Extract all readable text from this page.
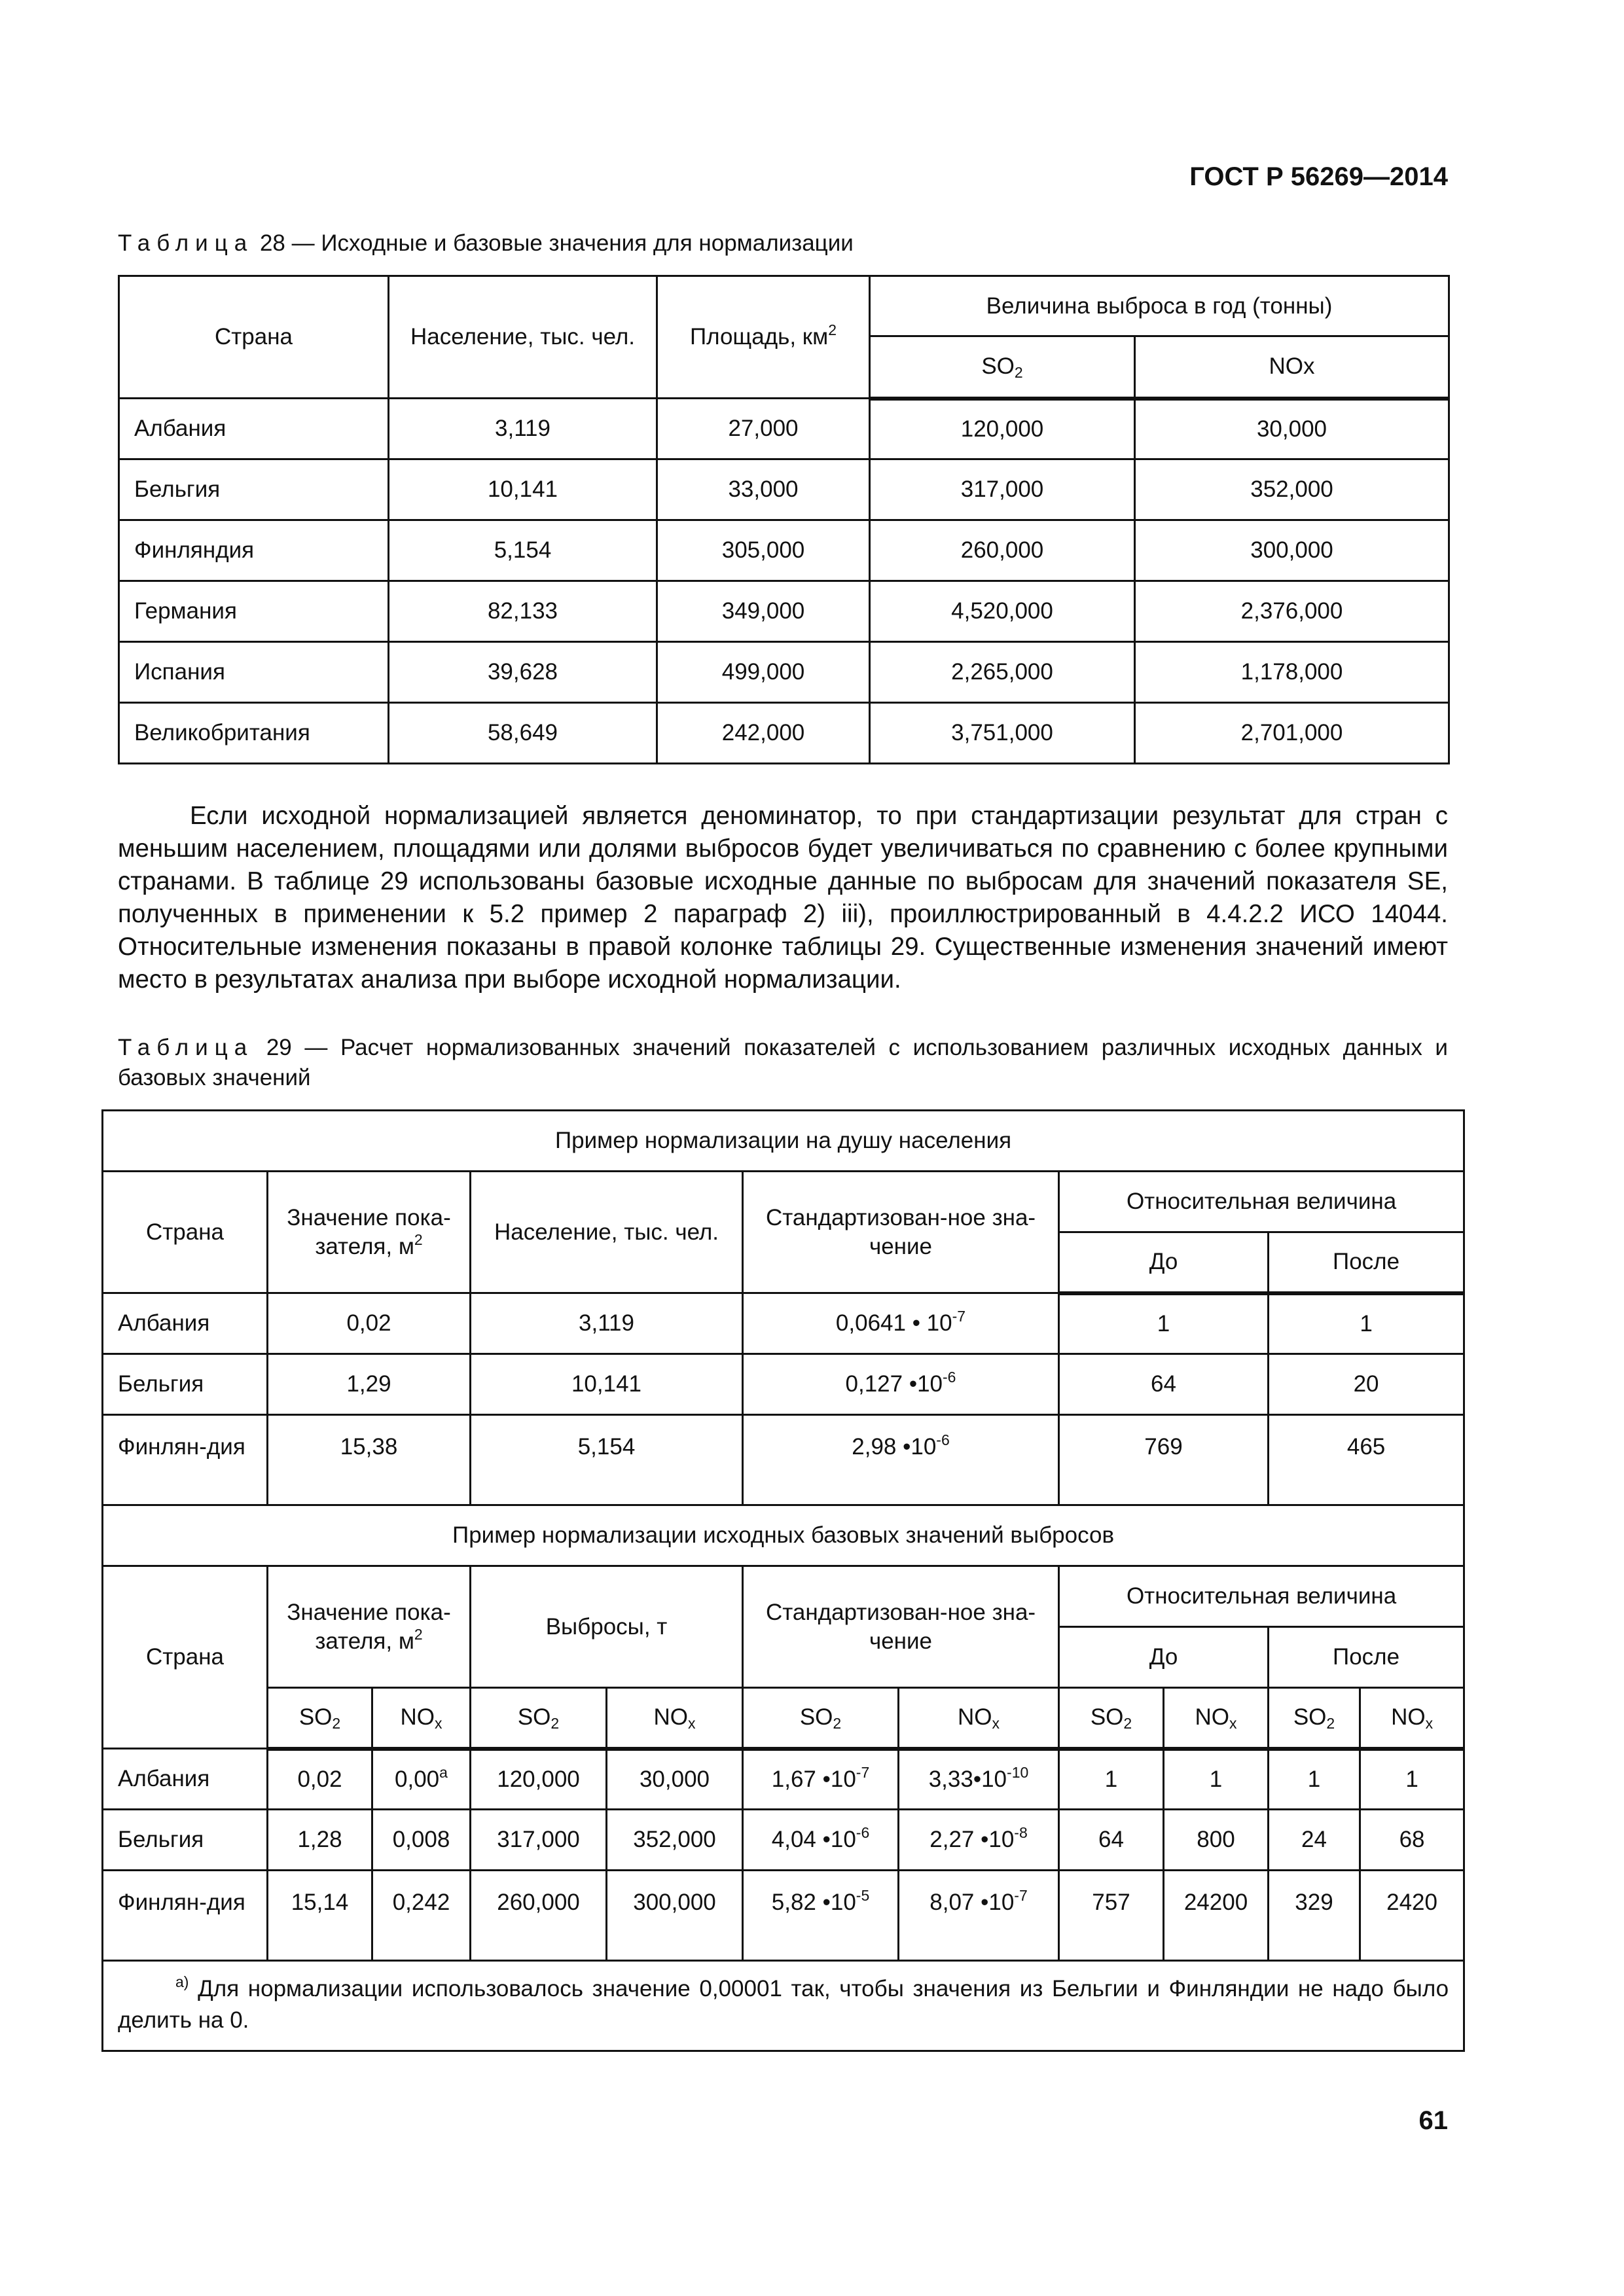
ГОСТ Р 56269—2014
Таблица 28 — Исходные и базовые значения для нормализации
Страна	Население, тыс. чел.	Площадь, $км^2$	Величина выброса в год (тонны)	
			$SO_2$	NOx
Албания	3,119	27,000	120,000	30,000
Бельгия	10,141	33,000	317,000	352,000
Финляндия	5,154	305,000	260,000	300,000
Германия	82,133	349,000	4,520,000	2,376,000
Испания	39,628	499,000	2,265,000	1,178,000
Великобритания	58,649	242,000	3,751,000	2,701,000
Если исходной нормализацией является деноминатор, то при стандартизации результат для стран с меньшим населением, площадями или долями выбросов будет увеличиваться по сравнению с более крупными странами. В таблице 29 использованы базовые исходные данные по выбросам для значений показателя SE, полученных в применении к 5.2 пример 2 параграф 2) iii), проиллюстрированный в 4.4.2.2 ИСО 14044. Относительные изменения показаны в правой колонке таблицы 29. Существенные изменения значений имеют место в результатах анализа при выборе исходной нормализации.
Таблица 29 — Расчет нормализованных значений показателей с использованием различных исходных данных и базовых значений
Пример нормализации на душу населения										
Страна	Значение пока-зателя, $м^2$		Население, тыс. чел.		Стандартизован-ное зна-чение		Относительная величина			
							До		После	
Албания	0,02		3,119		0,0641 • $10^{-7}$		1		1	
Бельгия	1,29		10,141		0,127 $•10^{-6}$		64		20	
Финлян-дия	15,38		5,154		2,98 $•10^{-6}$		769		465	
Пример нормализации исходных базовых значений выбросов										
Страна	Значение пока-зателя, $м^2$		Выбросы, т		Стандартизован-ное зна-чение		Относительная величина			
							До		После	
	$SO_2$	$NO_x$	$SO_2$	$NO_x$	$SO_2$	$NO_x$	$SO_2$	$NO_x$	$SO_2$	$NO_x$
Албания	0,02	0,00$^a$	120,000	30,000	1,67 $•10^{-7}$	$3,33•10^{-10}$	1	1	1	1
Бельгия	1,28	0,008	317,000	352,000	4,04 $•10^{-6}$	2,27 $•10^{-8}$	64	800	24	68
Финлян-дия	15,14	0,242	260,000	300,000	5,82 $•10^{-5}$	8,07 $•10^{-7}$	757	24200	329	2420
$^{a)}$ Для нормализации использовалось значение 0,00001 так, чтобы значения из Бельгии и Финляндии не надо было делить на 0.										
61
